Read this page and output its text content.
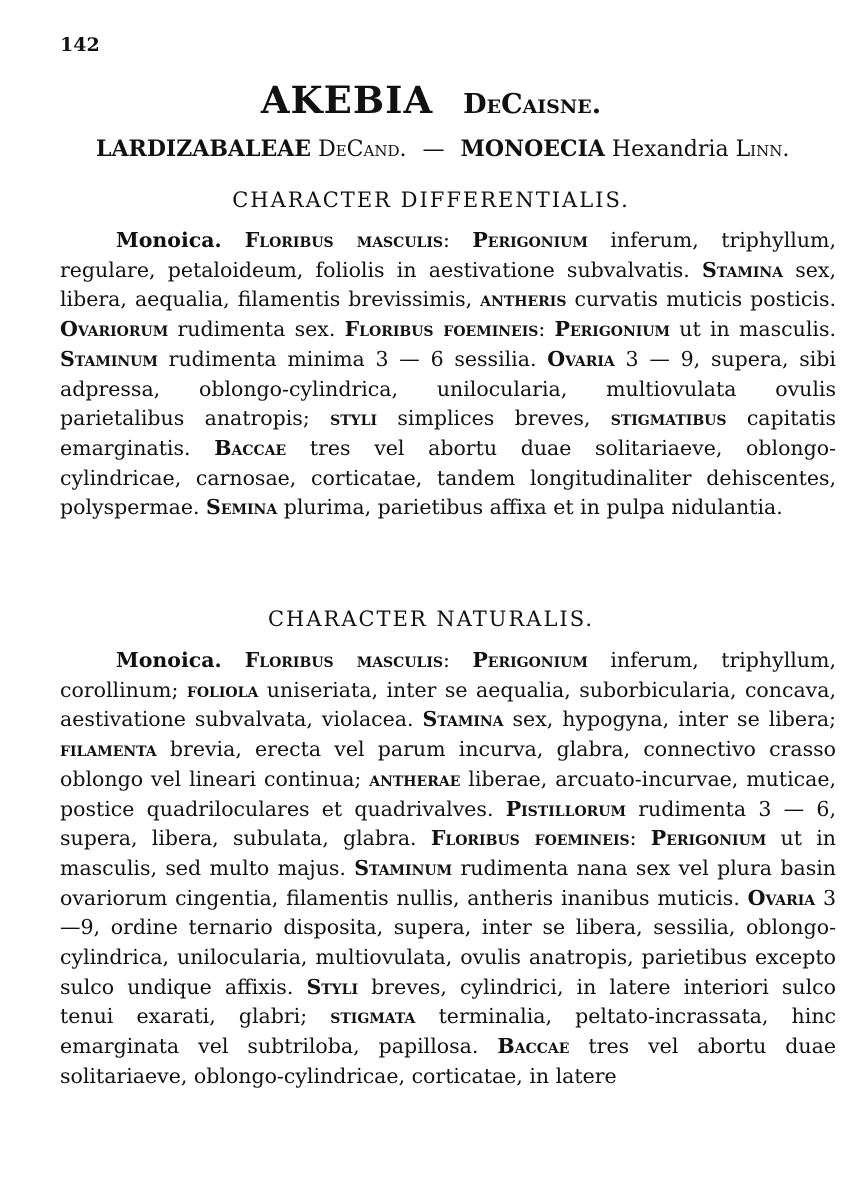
142
AKEBIA DeCaisne.
LARDIZABALEAE DeCand. — MONOECIA Hexandria Linn.
CHARACTER DIFFERENTIALIS.
Monoica. Floribus masculis: Perigonium inferum, triphyllum, regulare, petaloideum, foliolis in aestivatione subvalvatis. Stamina sex, libera, aequalia, filamentis brevissimis, antheris curvatis muticis posticis. Ovariorum rudimenta sex. Floribus foemineis: Perigonium ut in masculis. Staminum rudimenta minima 3 — 6 sessilia. Ovaria 3 — 9, supera, sibi adpressa, oblongo-cylindrica, unilocularia, multiovulata ovulis parietalibus anatropis; styli simplices breves, stigmatibus capitatis emarginatis. Baccae tres vel abortu duae solitariaeve, oblongo-cylindricae, carnosae, corticatae, tandem longitudinaliter dehiscentes, polyspermae. Semina plurima, parietibus affixa et in pulpa nidulantia.
CHARACTER NATURALIS.
Monoica. Floribus masculis: Perigonium inferum, triphyllum, corollinum; foliola uniseriata, inter se aequalia, suborbicularia, concava, aestivatione subvalvata, violacea. Stamina sex, hypogyna, inter se libera; filamenta brevia, erecta vel parum incurva, glabra, connectivo crasso oblongo vel lineari continua; antherae liberae, arcuato-incurvae, muticae, postice quadriloculares et quadrivalves. Pistillorum rudimenta 3 — 6, supera, libera, subulata, glabra. Floribus foemineis: Perigonium ut in masculis, sed multo majus. Staminum rudimenta nana sex vel plura basin ovariorum cingentia, filamentis nullis, antheris inanibus muticis. Ovaria 3—9, ordine ternario disposita, supera, inter se libera, sessilia, oblongo-cylindrica, unilocularia, multiovulata, ovulis anatropis, parietibus excepto sulco undique affixis. Styli breves, cylindrici, in latere interiori sulco tenui exarati, glabri; stigmata terminalia, peltato-incrassata, hinc emarginata vel subtriloba, papillosa. Baccae tres vel abortu duae solitariaeve, oblongo-cylindricae, corticatae, in latere
